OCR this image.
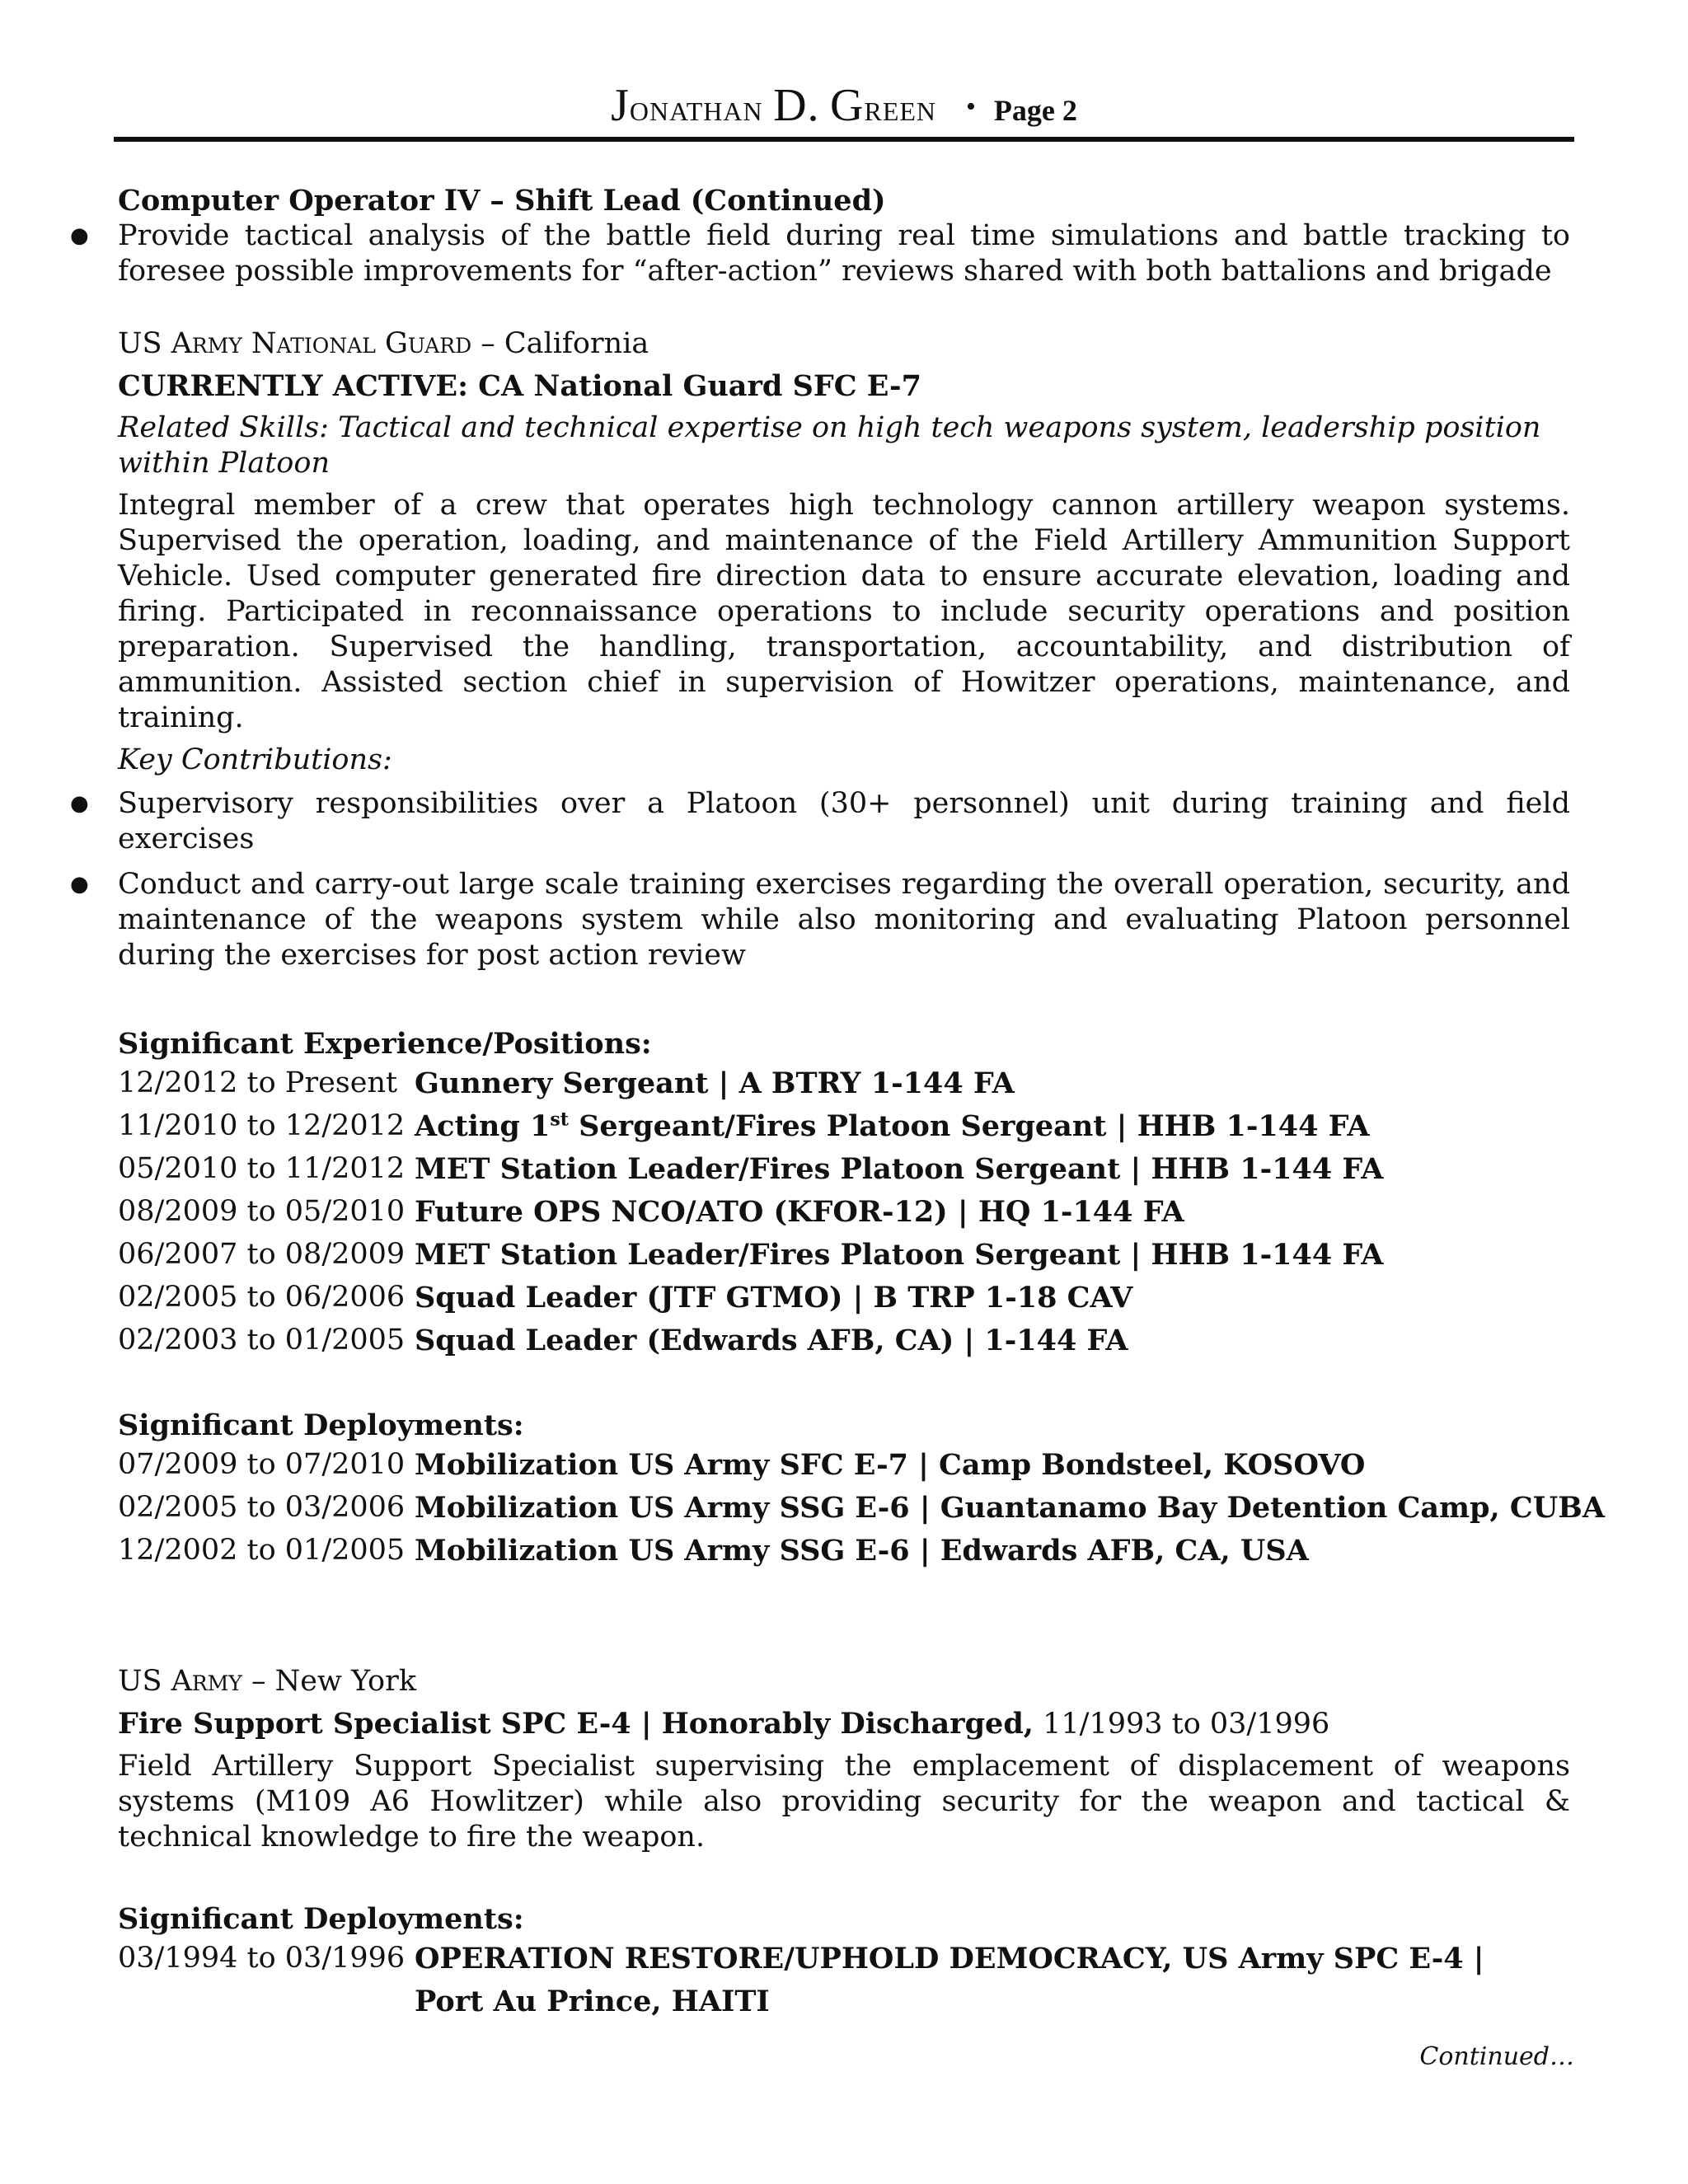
Jonathan D. Green • Page 2

Computer Operator IV – Shift Lead (Continued)

● Provide tactical analysis of the battle field during real time simulations and battle tracking to foresee possible improvements for “after-action” reviews shared with both battalions and brigade

US Army National Guard – California

CURRENTLY ACTIVE: CA National Guard SFC E-7

Related Skills: Tactical and technical expertise on high tech weapons system, leadership position within Platoon

Integral member of a crew that operates high technology cannon artillery weapon systems. Supervised the operation, loading, and maintenance of the Field Artillery Ammunition Support Vehicle. Used computer generated fire direction data to ensure accurate elevation, loading and firing. Participated in reconnaissance operations to include security operations and position preparation. Supervised the handling, transportation, accountability, and distribution of ammunition. Assisted section chief in supervision of Howitzer operations, maintenance, and training.

Key Contributions:

● Supervisory responsibilities over a Platoon (30+ personnel) unit during training and field exercises
● Conduct and carry-out large scale training exercises regarding the overall operation, security, and maintenance of the weapons system while also monitoring and evaluating Platoon personnel during the exercises for post action review

Significant Experience/Positions:

12/2012 to Present Gunnery Sergeant | A BTRY 1-144 FA
11/2010 to 12/2012 Acting 1st Sergeant/Fires Platoon Sergeant | HHB 1-144 FA
05/2010 to 11/2012 MET Station Leader/Fires Platoon Sergeant | HHB 1-144 FA
08/2009 to 05/2010 Future OPS NCO/ATO (KFOR-12) | HQ 1-144 FA
06/2007 to 08/2009 MET Station Leader/Fires Platoon Sergeant | HHB 1-144 FA
02/2005 to 06/2006 Squad Leader (JTF GTMO) | B TRP 1-18 CAV
02/2003 to 01/2005 Squad Leader (Edwards AFB, CA) | 1-144 FA

Significant Deployments:

07/2009 to 07/2010 Mobilization US Army SFC E-7 | Camp Bondsteel, KOSOVO
02/2005 to 03/2006 Mobilization US Army SSG E-6 | Guantanamo Bay Detention Camp, CUBA
12/2002 to 01/2005 Mobilization US Army SSG E-6 | Edwards AFB, CA, USA

US Army – New York

Fire Support Specialist SPC E-4 | Honorably Discharged, 11/1993 to 03/1996

Field Artillery Support Specialist supervising the emplacement of displacement of weapons systems (M109 A6 Howlitzer) while also providing security for the weapon and tactical & technical knowledge to fire the weapon.

Significant Deployments:

03/1994 to 03/1996 OPERATION RESTORE/UPHOLD DEMOCRACY, US Army SPC E-4 |
Port Au Prince, HAITI
Continued…
